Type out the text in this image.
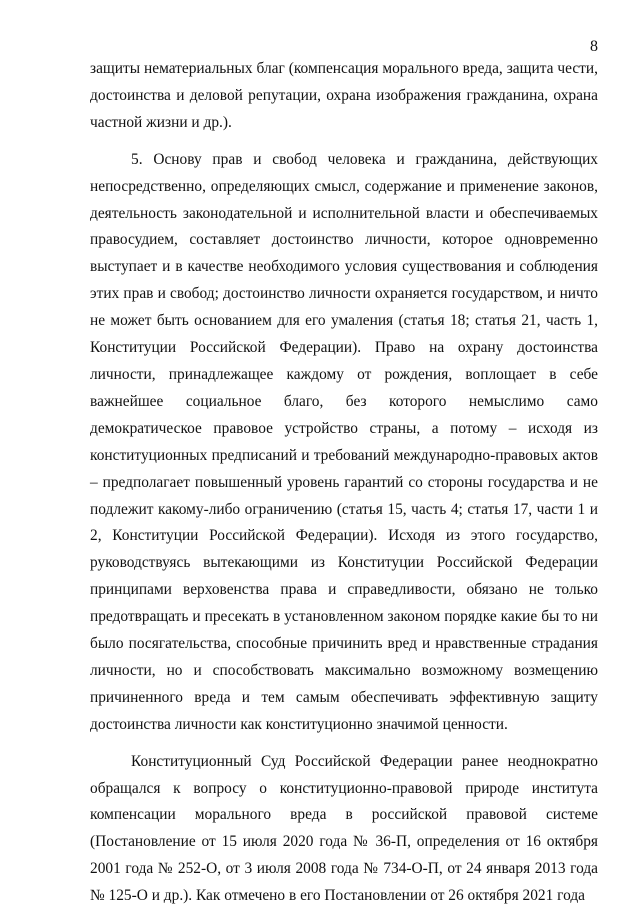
8

защиты нематериальных благ (компенсация морального вреда, защита чести, достоинства и деловой репутации, охрана изображения гражданина, охрана частной жизни и др.).

5. Основу прав и свобод человека и гражданина, действующих непосредственно, определяющих смысл, содержание и применение законов, деятельность законодательной и исполнительной власти и обеспечиваемых правосудием, составляет достоинство личности, которое одновременно выступает и в качестве необходимого условия существования и соблюдения этих прав и свобод; достоинство личности охраняется государством, и ничто не может быть основанием для его умаления (статья 18; статья 21, часть 1, Конституции Российской Федерации). Право на охрану достоинства личности, принадлежащее каждому от рождения, воплощает в себе важнейшее социальное благо, без которого немыслимо само демократическое правовое устройство страны, а потому – исходя из конституционных предписаний и требований международно-правовых актов – предполагает повышенный уровень гарантий со стороны государства и не подлежит какому-либо ограничению (статья 15, часть 4; статья 17, части 1 и 2, Конституции Российской Федерации). Исходя из этого государство, руководствуясь вытекающими из Конституции Российской Федерации принципами верховенства права и справедливости, обязано не только предотвращать и пресекать в установленном законом порядке какие бы то ни было посягательства, способные причинить вред и нравственные страдания личности, но и способствовать максимально возможному возмещению причиненного вреда и тем самым обеспечивать эффективную защиту достоинства личности как конституционно значимой ценности.

Конституционный Суд Российской Федерации ранее неоднократно обращался к вопросу о конституционно-правовой природе института компенсации морального вреда в российской правовой системе (Постановление от 15 июля 2020 года № 36-П, определения от 16 октября 2001 года № 252-О, от 3 июля 2008 года № 734-О-П, от 24 января 2013 года № 125-О и др.). Как отмечено в его Постановлении от 26 октября 2021 года
